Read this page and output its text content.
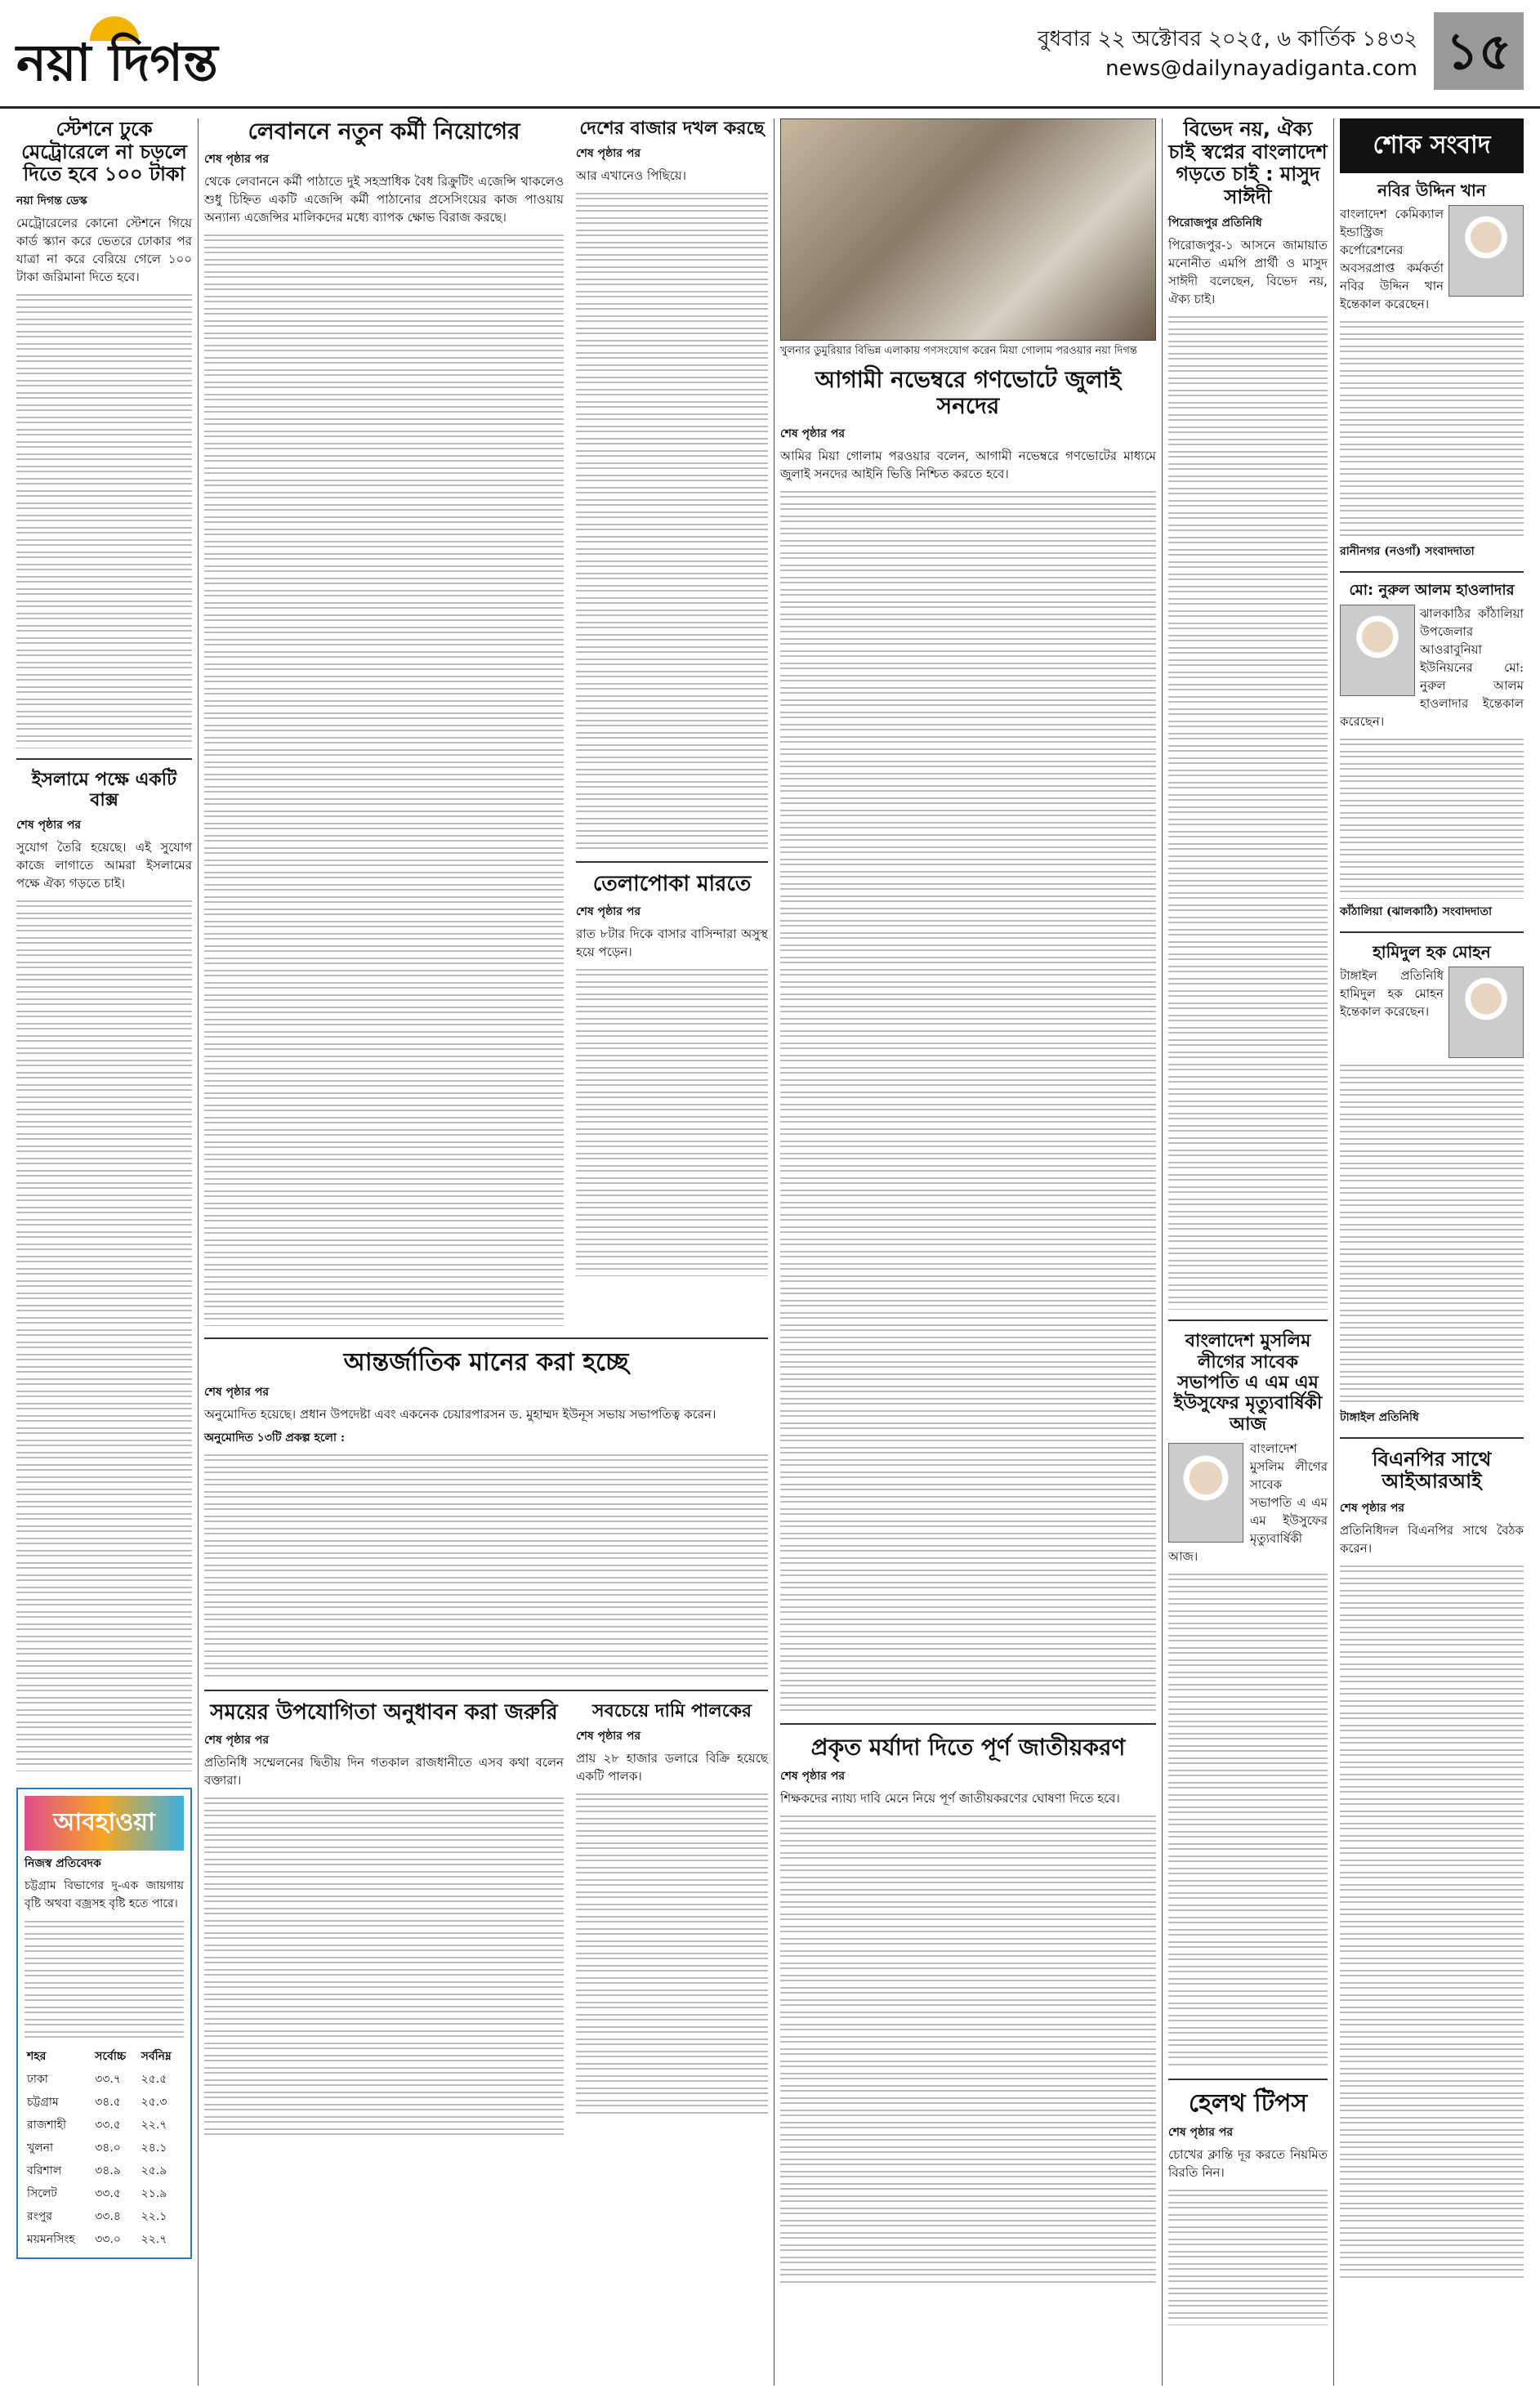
নয়া দিগন্ত	বুধবার ২২ অক্টোবর ২০২৫, ৬ কার্তিক ১৪৩২
news@dailynayadiganta.com ১৫
স্টেশনে ঢুকে মেট্রোরেলে না চড়লে দিতে হবে ১০০ টাকা
নয়া দিগন্ত ডেস্ক

মেট্রোরেলের কোনো স্টেশনে গিয়ে কার্ড স্ক্যান করে ভেতরে ঢোকার পর যাত্রা না করে বেরিয়ে গেলে ১০০ টাকা জরিমানা দিতে হবে।

ইসলামে পক্ষে একটি বাক্স
শেষ পৃষ্ঠার পর

সুযোগ তৈরি হয়েছে। এই সুযোগ কাজে লাগাতে আমরা ইসলামের পক্ষে ঐক্য গড়তে চাই।

আবহাওয়া
নিজস্ব প্রতিবেদক

চট্টগ্রাম বিভাগের দু-এক জায়গায় বৃষ্টি অথবা বজ্রসহ বৃষ্টি হতে পারে।

শহর	সর্বোচ্চ	সর্বনিম্ন
ঢাকা	৩৩.৭	২৫.৫
চট্টগ্রাম	৩৪.৫	২৫.৩
রাজশাহী	৩৩.৫	২২.৭
খুলনা	৩৪.০	২৪.১
বরিশাল	৩৪.৯	২৫.৯
সিলেট	৩৩.৫	২১.৯
রংপুর	৩৩.৪	২২.১
ময়মনসিংহ	৩৩.০	২২.৭
লেবাননে নতুন কর্মী নিয়োগের
শেষ পৃষ্ঠার পর

থেকে লেবাননে কর্মী পাঠাতে দুই সহস্রাধিক বৈধ রিক্রুটিং এজেন্সি থাকলেও শুধু চিহ্নিত একটি এজেন্সি কর্মী পাঠানোর প্রসেসিংয়ের কাজ পাওয়ায় অন্যান্য এজেন্সির মালিকদের মধ্যে ব্যাপক ক্ষোভ বিরাজ করছে।

দেশের বাজার দখল করছে
শেষ পৃষ্ঠার পর

আর এখানেও পিছিয়ে।

তেলাপোকা মারতে
শেষ পৃষ্ঠার পর

রাত ৮টার দিকে বাসার বাসিন্দারা অসুস্থ হয়ে পড়েন।

আন্তর্জাতিক মানের করা হচ্ছে
শেষ পৃষ্ঠার পর

অনুমোদিত হয়েছে। প্রধান উপদেষ্টা এবং একনেক চেয়ারপারসন ড. মুহাম্মদ ইউনূস সভায় সভাপতিত্ব করেন।

অনুমোদিত ১৩টি প্রকল্প হলো :
সময়ের উপযোগিতা অনুধাবন করা জরুরি
শেষ পৃষ্ঠার পর

প্রতিনিধি সম্মেলনের দ্বিতীয় দিন গতকাল রাজধানীতে এসব কথা বলেন বক্তারা।

সবচেয়ে দামি পালকের
শেষ পৃষ্ঠার পর

প্রায় ২৮ হাজার ডলারে বিক্রি হয়েছে একটি পালক।

খুলনার ডুমুরিয়ার বিভিন্ন এলাকায় গণসংযোগ করেন মিয়া গোলাম পরওয়ার নয়া দিগন্ত
আগামী নভেম্বরে গণভোটে জুলাই সনদের
শেষ পৃষ্ঠার পর

আমির মিয়া গোলাম পরওয়ার বলেন, আগামী নভেম্বরে গণভোটের মাধ্যমে জুলাই সনদের আইনি ভিত্তি নিশ্চিত করতে হবে।

প্রকৃত মর্যাদা দিতে পূর্ণ জাতীয়করণ
শেষ পৃষ্ঠার পর

শিক্ষকদের ন্যায্য দাবি মেনে নিয়ে পূর্ণ জাতীয়করণের ঘোষণা দিতে হবে।

বিভেদ নয়, ঐক্য চাই স্বপ্নের বাংলাদেশ গড়তে চাই : মাসুদ সাঈদী
পিরোজপুর প্রতিনিধি

পিরোজপুর-১ আসনে জামায়াত মনোনীত এমপি প্রার্থী ও মাসুদ সাঈদী বলেছেন, বিভেদ নয়, ঐক্য চাই।

বাংলাদেশ মুসলিম লীগের সাবেক সভাপতি এ এম এম ইউসুফের মৃত্যুবার্ষিকী আজ

বাংলাদেশ মুসলিম লীগের সাবেক সভাপতি এ এম এম ইউসুফের মৃত্যুবার্ষিকী আজ।

হেলথ টিপস
শেষ পৃষ্ঠার পর

চোখের ক্লান্তি দূর করতে নিয়মিত বিরতি নিন।

শোক সংবাদ
নবির উদ্দিন খান

বাংলাদেশ কেমিক্যাল ইন্ডাস্ট্রিজ কর্পোরেশনের অবসরপ্রাপ্ত কর্মকর্তা নবির উদ্দিন খান ইন্তেকাল করেছেন।

রানীনগর (নওগাঁ) সংবাদদাতা
মো: নুরুল আলম হাওলাদার

ঝালকাঠির কাঁঠালিয়া উপজেলার আওরাবুনিয়া ইউনিয়নের মো: নুরুল আলম হাওলাদার ইন্তেকাল করেছেন।

কাঁঠালিয়া (ঝালকাঠি) সংবাদদাতা
হামিদুল হক মোহন

টাঙ্গাইল প্রতিনিধি হামিদুল হক মোহন ইন্তেকাল করেছেন।

টাঙ্গাইল প্রতিনিধি
বিএনপির সাথে আইআরআই
শেষ পৃষ্ঠার পর

প্রতিনিধিদল বিএনপির সাথে বৈঠক করেন।
